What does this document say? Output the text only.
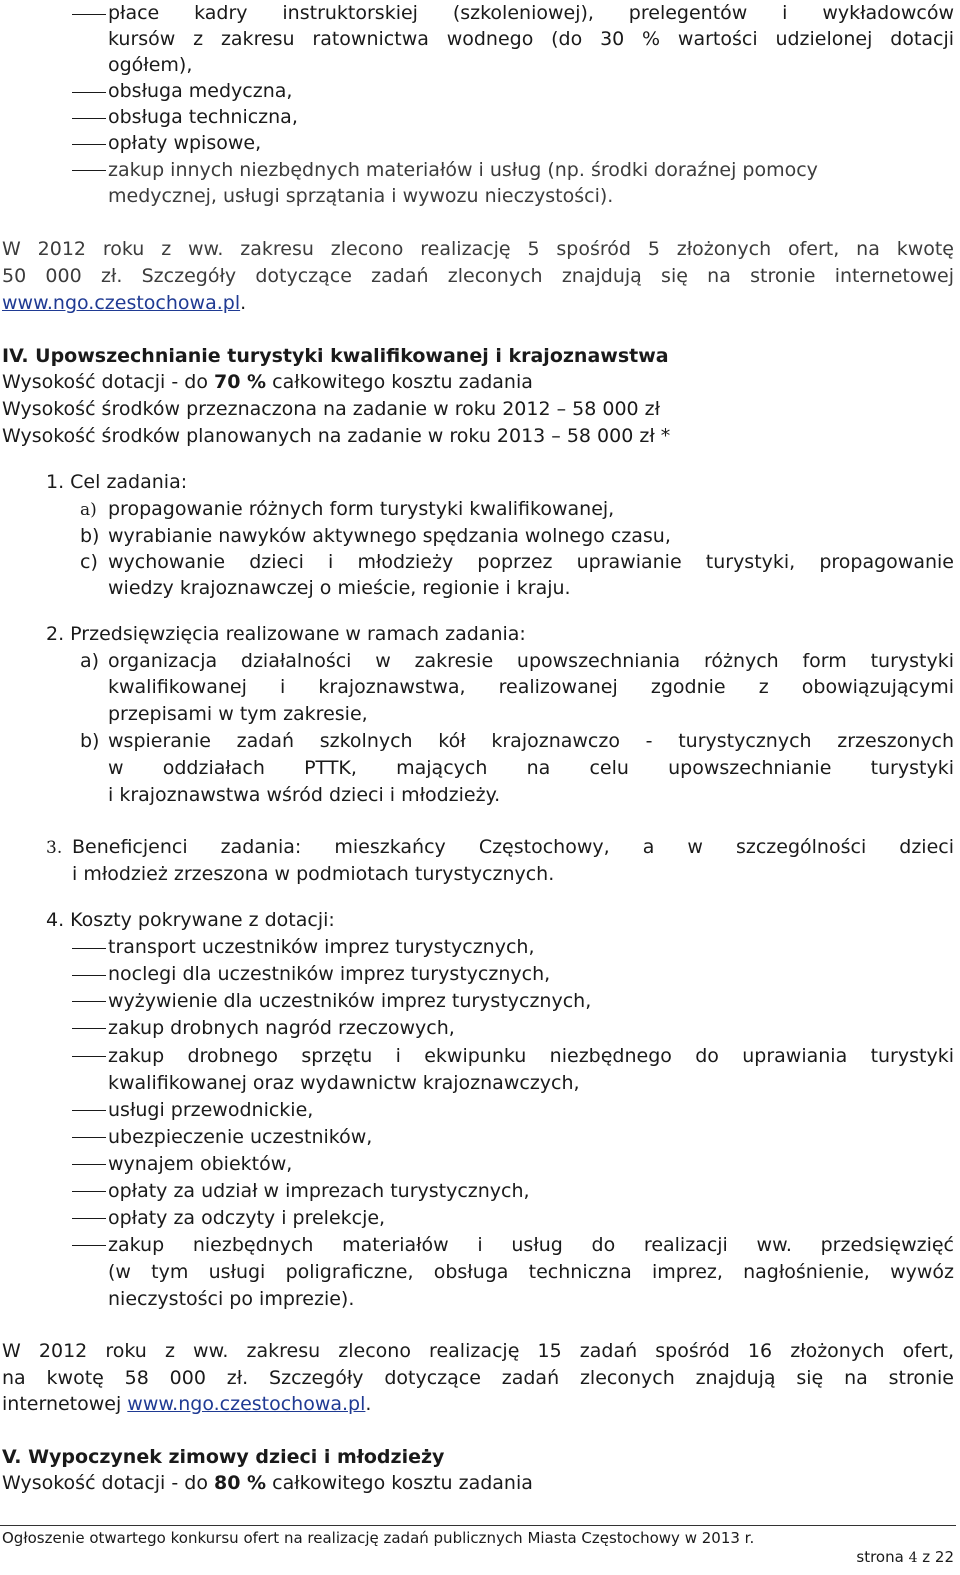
płace kadry instruktorskiej (szkoleniowej), prelegentów i wykładowców
kursów z zakresu ratownictwa wodnego (do 30 % wartości udzielonej dotacji
ogółem),
obsługa medyczna,
obsługa techniczna,
opłaty wpisowe,
zakup innych niezbędnych materiałów i usług (np. środki doraźnej pomocy
medycznej, usługi sprzątania i wywozu nieczystości).
W 2012 roku z ww. zakresu zlecono realizację 5 spośród 5 złożonych ofert, na kwotę
50 000 zł. Szczegóły dotyczące zadań zleconych znajdują się na stronie internetowej
www.ngo.czestochowa.pl.
IV. Upowszechnianie turystyki kwalifikowanej i krajoznawstwa
Wysokość dotacji - do 70 % całkowitego kosztu zadania
Wysokość środków przeznaczona na zadanie w roku 2012 – 58 000 zł
Wysokość środków planowanych na zadanie w roku 2013 – 58 000 zł *
1. Cel zadania:
a) propagowanie różnych form turystyki kwalifikowanej,
b) wyrabianie nawyków aktywnego spędzania wolnego czasu,
c) wychowanie dzieci i młodzieży poprzez uprawianie turystyki, propagowanie
wiedzy krajoznawczej o mieście, regionie i kraju.
2. Przedsięwzięcia realizowane w ramach zadania:
a) organizacja działalności w zakresie upowszechniania różnych form turystyki
kwalifikowanej i krajoznawstwa, realizowanej zgodnie z obowiązującymi
przepisami w tym zakresie,
b) wspieranie zadań szkolnych kół krajoznawczo - turystycznych zrzeszonych
w oddziałach PTTK, mających na celu upowszechnianie turystyki
i krajoznawstwa wśród dzieci i młodzieży.
3. Beneficjenci zadania: mieszkańcy Częstochowy, a w szczególności dzieci
i młodzież zrzeszona w podmiotach turystycznych.
4. Koszty pokrywane z dotacji:
transport uczestników imprez turystycznych,
noclegi dla uczestników imprez turystycznych,
wyżywienie dla uczestników imprez turystycznych,
zakup drobnych nagród rzeczowych,
zakup drobnego sprzętu i ekwipunku niezbędnego do uprawiania turystyki
kwalifikowanej oraz wydawnictw krajoznawczych,
usługi przewodnickie,
ubezpieczenie uczestników,
wynajem obiektów,
opłaty za udział w imprezach turystycznych,
opłaty za odczyty i prelekcje,
zakup niezbędnych materiałów i usług do realizacji ww. przedsięwzięć
(w tym usługi poligraficzne, obsługa techniczna imprez, nagłośnienie, wywóz
nieczystości po imprezie).
W 2012 roku z ww. zakresu zlecono realizację 15 zadań spośród 16 złożonych ofert,
na kwotę 58 000 zł. Szczegóły dotyczące zadań zleconych znajdują się na stronie
internetowej www.ngo.czestochowa.pl.
V. Wypoczynek zimowy dzieci i młodzieży
Wysokość dotacji - do 80 % całkowitego kosztu zadania
Ogłoszenie otwartego konkursu ofert na realizację zadań publicznych Miasta Częstochowy w 2013 r.
strona 4 z 22
